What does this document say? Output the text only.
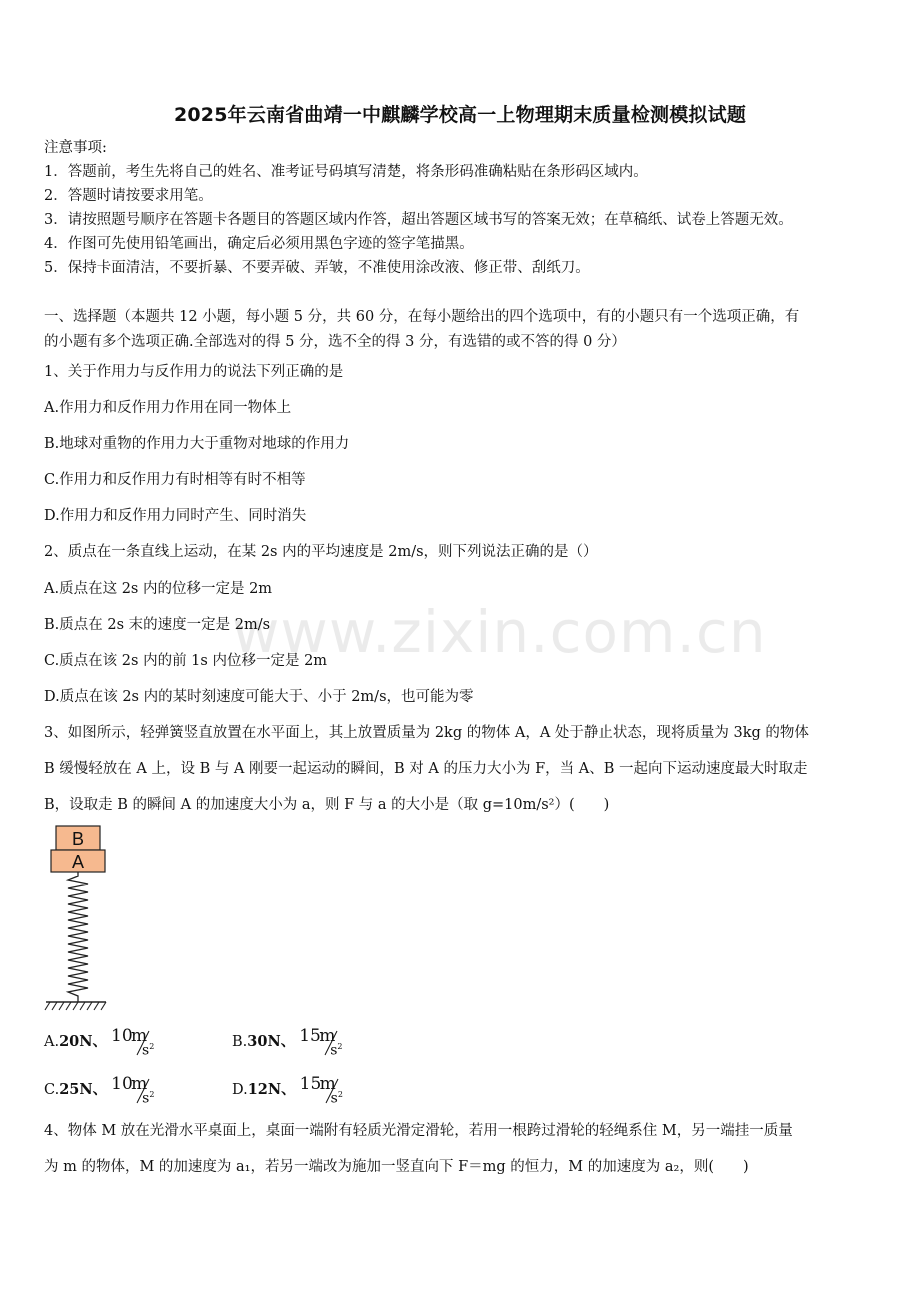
2025年云南省曲靖一中麒麟学校高一上物理期末质量检测模拟试题
注意事项:
1．答题前，考生先将自己的姓名、准考证号码填写清楚，将条形码准确粘贴在条形码区域内。
2．答题时请按要求用笔。
3．请按照题号顺序在答题卡各题目的答题区域内作答，超出答题区域书写的答案无效；在草稿纸、试卷上答题无效。
4．作图可先使用铅笔画出，确定后必须用黑色字迹的签字笔描黑。
5．保持卡面清洁，不要折暴、不要弄破、弄皱，不准使用涂改液、修正带、刮纸刀。
一、选择题（本题共 12 小题，每小题 5 分，共 60 分，在每小题给出的四个选项中，有的小题只有一个选项正确，有
的小题有多个选项正确.全部选对的得 5 分，选不全的得 3 分，有选错的或不答的得 0 分）
1、关于作用力与反作用力的说法下列正确的是
A.作用力和反作用力作用在同一物体上
B.地球对重物的作用力大于重物对地球的作用力
C.作用力和反作用力有时相等有时不相等
D.作用力和反作用力同时产生、同时消失
2、质点在一条直线上运动，在某 2s 内的平均速度是 2m/s，则下列说法正确的是（）
A.质点在这 2s 内的位移一定是 2m
B.质点在 2s 末的速度一定是 2m/s
C.质点在该 2s 内的前 1s 内位移一定是 2m
D.质点在该 2s 内的某时刻速度可能大于、小于 2m/s，也可能为零
www.zixin.com.cn
3、如图所示，轻弹簧竖直放置在水平面上，其上放置质量为 2kg 的物体 A，A 处于静止状态，现将质量为 3kg 的物体
B 缓慢轻放在 A 上，设 B 与 A 刚要一起运动的瞬间，B 对 A 的压力大小为 F，当 A、B 一起向下运动速度最大时取走
B，设取走 B 的瞬间 A 的加速度大小为 a，则 F 与 a 的大小是（取 g=10m/s²）(　　)
B
A
A.20N、 10
m
$s^2$	B.30N、 15
m
$s^2$
C.25N、 10
m
$s^2$	D.12N、 15
m
$s^2$
4、物体 M 放在光滑水平桌面上，桌面一端附有轻质光滑定滑轮，若用一根跨过滑轮的轻绳系住 M，另一端挂一质量
为 m 的物体，M 的加速度为 a₁，若另一端改为施加一竖直向下 F＝mg 的恒力，M 的加速度为 a₂，则(　　)
